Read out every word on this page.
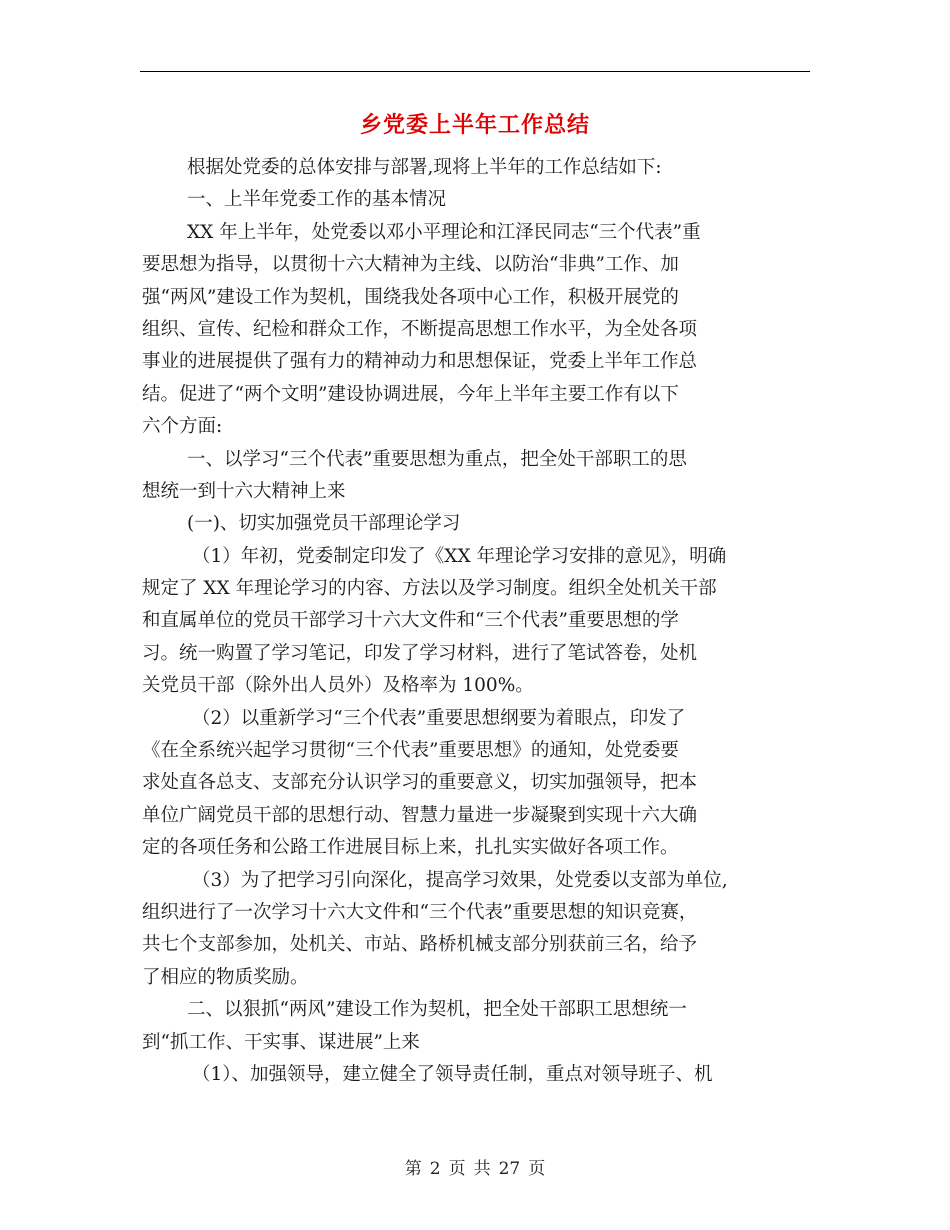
乡党委上半年工作总结
根据处党委的总体安排与部署,现将上半年的工作总结如下:
一、上半年党委工作的基本情况
XX 年上半年，处党委以邓小平理论和江泽民同志“三个代表”重
要思想为指导，以贯彻十六大精神为主线、以防治“非典”工作、加
强“两风”建设工作为契机，围绕我处各项中心工作，积极开展党的
组织、宣传、纪检和群众工作，不断提高思想工作水平，为全处各项
事业的进展提供了强有力的精神动力和思想保证，党委上半年工作总
结。促进了“两个文明”建设协调进展，今年上半年主要工作有以下
六个方面:
一、以学习“三个代表”重要思想为重点，把全处干部职工的思
想统一到十六大精神上来
(一)、切实加强党员干部理论学习
（1）年初，党委制定印发了《XX 年理论学习安排的意见》，明确
规定了 XX 年理论学习的内容、方法以及学习制度。组织全处机关干部
和直属单位的党员干部学习十六大文件和“三个代表”重要思想的学
习。统一购置了学习笔记，印发了学习材料，进行了笔试答卷，处机
关党员干部（除外出人员外）及格率为 100%。
（2）以重新学习“三个代表”重要思想纲要为着眼点，印发了
《在全系统兴起学习贯彻“三个代表”重要思想》的通知，处党委要
求处直各总支、支部充分认识学习的重要意义，切实加强领导，把本
单位广阔党员干部的思想行动、智慧力量进一步凝聚到实现十六大确
定的各项任务和公路工作进展目标上来，扎扎实实做好各项工作。
（3）为了把学习引向深化，提高学习效果，处党委以支部为单位,
组织进行了一次学习十六大文件和“三个代表”重要思想的知识竞赛，
共七个支部参加，处机关、市站、路桥机械支部分别获前三名，给予
了相应的物质奖励。
二、以狠抓“两风”建设工作为契机，把全处干部职工思想统一
到“抓工作、干实事、谋进展”上来
（1）、加强领导，建立健全了领导责任制，重点对领导班子、机
第 2 页 共 27 页
